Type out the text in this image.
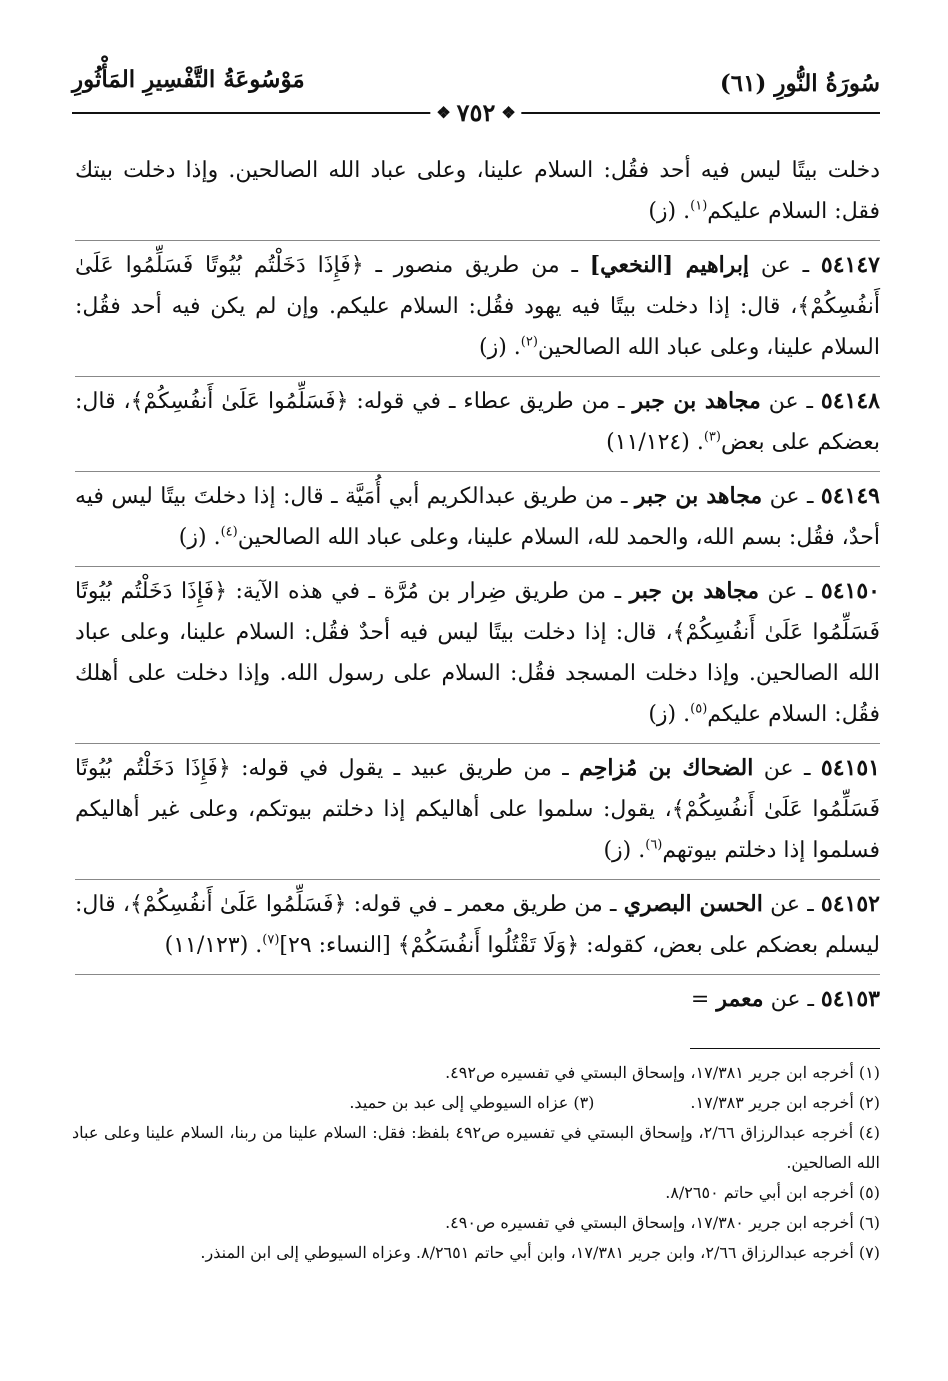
سُورَةُ النُّورِ (٦١)
مَوْسُوعَةُ التَّفْسِيرِ المَأْثُورِ
❖
٧٥٢
❖

دخلت بيتًا ليس فيه أحد فقُل: السلام علينا، وعلى عباد الله الصالحين. وإذا دخلت بيتك فقل: السلام عليكم$^{(١)}$. (ز)

٥٤١٤٧ ـ عن إبراهيم [النخعي] ـ من طريق منصور ـ ﴿فَإِذَا دَخَلْتُم بُيُوتًا فَسَلِّمُوا عَلَىٰ أَنفُسِكُمْ﴾، قال: إذا دخلت بيتًا فيه يهود فقُل: السلام عليكم. وإن لم يكن فيه أحد فقُل: السلام علينا، وعلى عباد الله الصالحين$^{(٢)}$. (ز)

٥٤١٤٨ ـ عن مجاهد بن جبر ـ من طريق عطاء ـ في قوله: ﴿فَسَلِّمُوا عَلَىٰ أَنفُسِكُمْ﴾، قال: بعضكم على بعض$^{(٣)}$. (١١/١٢٤)

٥٤١٤٩ ـ عن مجاهد بن جبر ـ من طريق عبدالكريم أبي أُمَيَّة ـ قال: إذا دخلتَ بيتًا ليس فيه أحدٌ، فقُل: بسم الله، والحمد لله، السلام علينا، وعلى عباد الله الصالحين$^{(٤)}$. (ز)

٥٤١٥٠ ـ عن مجاهد بن جبر ـ من طريق ضِرار بن مُرَّة ـ في هذه الآية: ﴿فَإِذَا دَخَلْتُم بُيُوتًا فَسَلِّمُوا عَلَىٰ أَنفُسِكُمْ﴾، قال: إذا دخلت بيتًا ليس فيه أحدٌ فقُل: السلام علينا، وعلى عباد الله الصالحين. وإذا دخلت المسجد فقُل: السلام على رسول الله. وإذا دخلت على أهلك فقُل: السلام عليكم$^{(٥)}$. (ز)

٥٤١٥١ ـ عن الضحاك بن مُزاحِم ـ من طريق عبيد ـ يقول في قوله: ﴿فَإِذَا دَخَلْتُم بُيُوتًا فَسَلِّمُوا عَلَىٰ أَنفُسِكُمْ﴾، يقول: سلموا على أهاليكم إذا دخلتم بيوتكم، وعلى غير أهاليكم فسلموا إذا دخلتم بيوتهم$^{(٦)}$. (ز)

٥٤١٥٢ ـ عن الحسن البصري ـ من طريق معمر ـ في قوله: ﴿فَسَلِّمُوا عَلَىٰ أَنفُسِكُمْ﴾، قال: ليسلم بعضكم على بعض، كقوله: ﴿وَلَا تَقْتُلُوا أَنفُسَكُمْ﴾ [النساء: ٢٩]$^{(٧)}$. (١١/١٢٣)

٥٤١٥٣ ـ عن معمر =

(١) أخرجه ابن جرير ١٧/٣٨١، وإسحاق البستي في تفسيره ص٤٩٢.

(٢) أخرجه ابن جرير ١٧/٣٨٣.
(٣) عزاه السيوطي إلى عبد بن حميد.

(٤) أخرجه عبدالرزاق ٢/٦٦، وإسحاق البستي في تفسيره ص٤٩٢ بلفظ: فقل: السلام علينا من ربنا، السلام علينا وعلى عباد الله الصالحين.

(٥) أخرجه ابن أبي حاتم ٨/٢٦٥٠.

(٦) أخرجه ابن جرير ١٧/٣٨٠، وإسحاق البستي في تفسيره ص٤٩٠.

(٧) أخرجه عبدالرزاق ٢/٦٦، وابن جرير ١٧/٣٨١، وابن أبي حاتم ٨/٢٦٥١. وعزاه السيوطي إلى ابن المنذر.
